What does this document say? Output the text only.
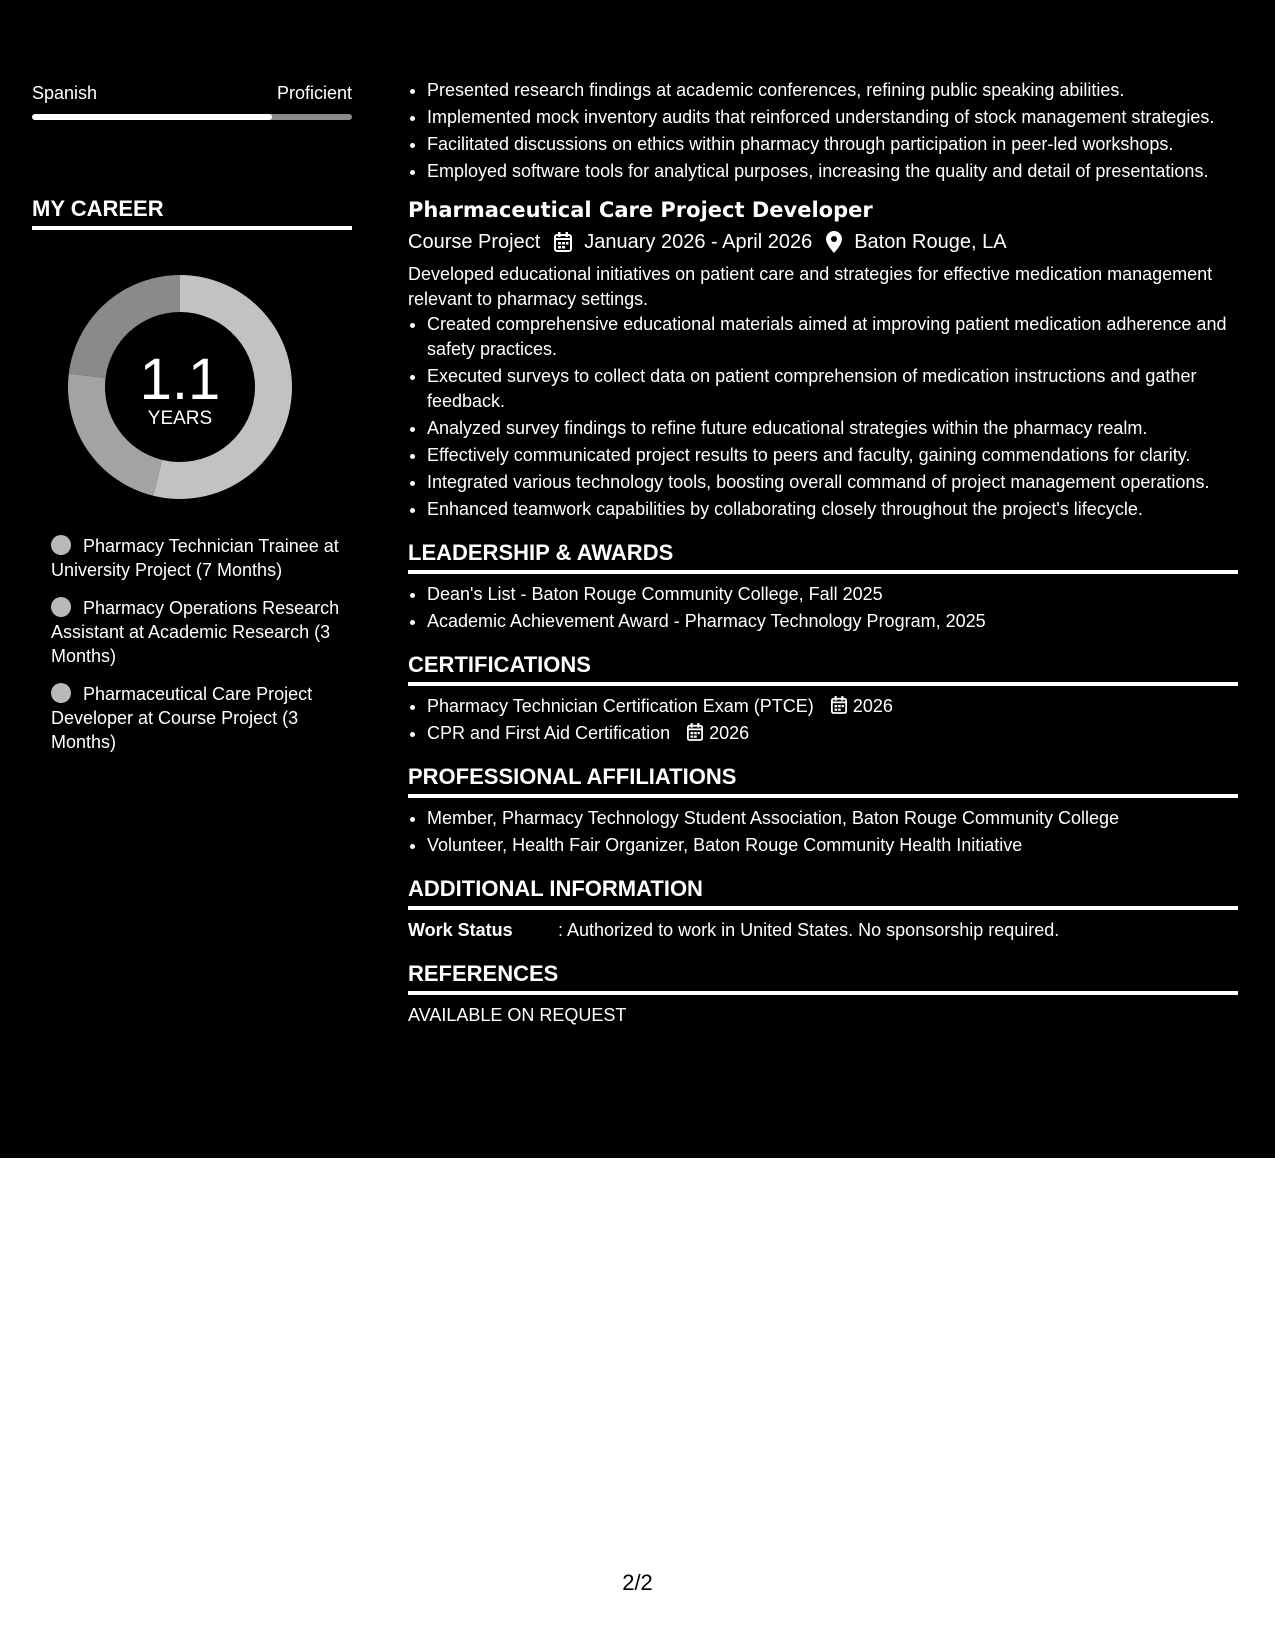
Spanish	Proficient
MY CAREER
1.1
YEARS
Pharmacy Technician Trainee at University Project (7 Months)
Pharmacy Operations Research Assistant at Academic Research (3 Months)
Pharmaceutical Care Project Developer at Course Project (3 Months)
• Presented research findings at academic conferences, refining public speaking abilities.
• Implemented mock inventory audits that reinforced understanding of stock management strategies.
• Facilitated discussions on ethics within pharmacy through participation in peer-led workshops.
• Employed software tools for analytical purposes, increasing the quality and detail of presentations.
Pharmaceutical Care Project Developer
Course Project January 2026 - April 2026 Baton Rouge, LA
Developed educational initiatives on patient care and strategies for effective medication management relevant to pharmacy settings.
• Created comprehensive educational materials aimed at improving patient medication adherence and safety practices.
• Executed surveys to collect data on patient comprehension of medication instructions and gather feedback.
• Analyzed survey findings to refine future educational strategies within the pharmacy realm.
• Effectively communicated project results to peers and faculty, gaining commendations for clarity.
• Integrated various technology tools, boosting overall command of project management operations.
• Enhanced teamwork capabilities by collaborating closely throughout the project's lifecycle.
LEADERSHIP & AWARDS
• Dean's List - Baton Rouge Community College, Fall 2025
• Academic Achievement Award - Pharmacy Technology Program, 2025
CERTIFICATIONS
• Pharmacy Technician Certification Exam (PTCE) 2026
• CPR and First Aid Certification 2026
PROFESSIONAL AFFILIATIONS
• Member, Pharmacy Technology Student Association, Baton Rouge Community College
• Volunteer, Health Fair Organizer, Baton Rouge Community Health Initiative
ADDITIONAL INFORMATION
Work Status	: Authorized to work in United States. No sponsorship required.
REFERENCES
AVAILABLE ON REQUEST
2/2
